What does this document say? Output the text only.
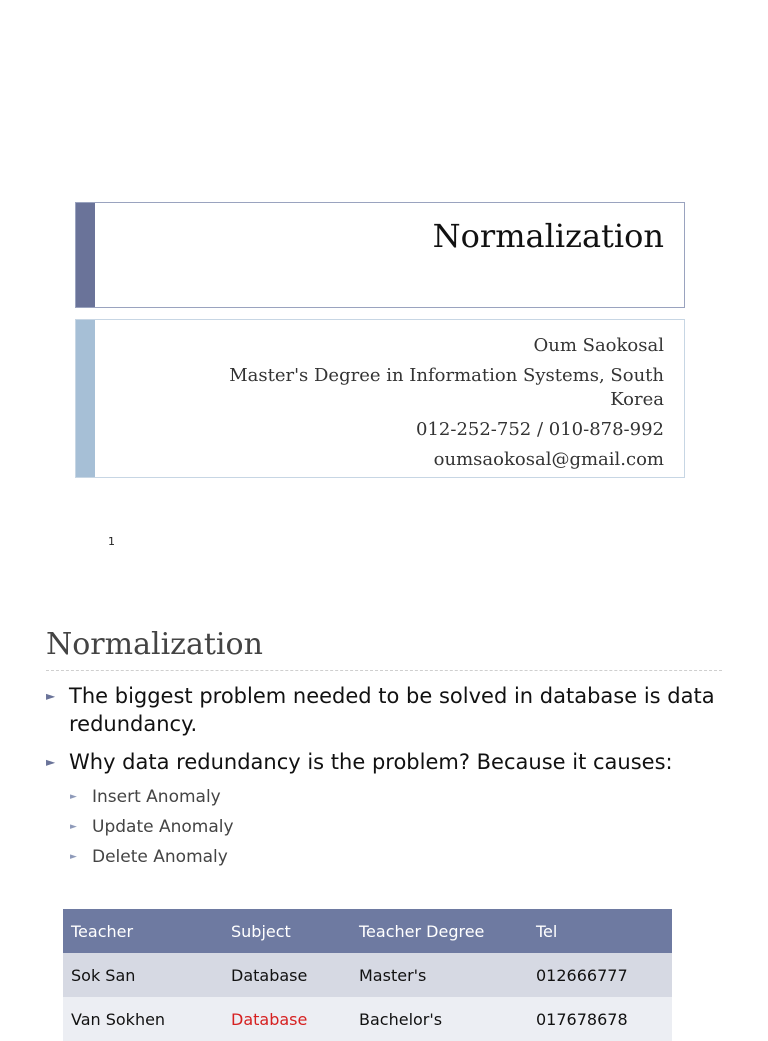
Normalization
Oum Saokosal
Master's Degree in Information Systems, South
Korea
012-252-752 / 010-878-992
oumsaokosal@gmail.com
1
Normalization
► The biggest problem needed to be solved in database is data redundancy.
► Why data redundancy is the problem? Because it causes:
► Insert Anomaly
► Update Anomaly
► Delete Anomaly
Teacher	Subject	Teacher Degree	Tel
Sok San	Database	Master's	012666777
Van Sokhen	Database	Bachelor's	017678678
